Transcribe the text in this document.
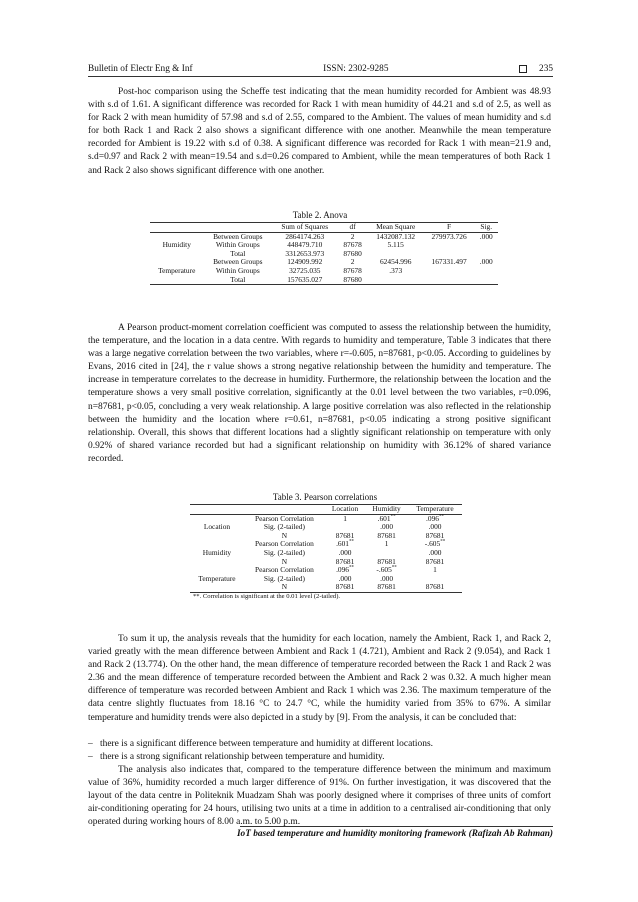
Bulletin of Electr Eng & Inf	ISSN: 2302-9285	235

Post-hoc comparison using the Scheffe test indicating that the mean humidity recorded for Ambient was 48.93 with s.d of 1.61. A significant difference was recorded for Rack 1 with mean humidity of 44.21 and s.d of 2.5, as well as for Rack 2 with mean humidity of 57.98 and s.d of 2.55, compared to the Ambient. The values of mean humidity and s.d for both Rack 1 and Rack 2 also shows a significant difference with one another. Meanwhile the mean temperature recorded for Ambient is 19.22 with s.d of 0.38. A significant difference was recorded for Rack 1 with mean=21.9 and, s.d=0.97 and Rack 2 with mean=19.54 and s.d=0.26 compared to Ambient, while the mean temperatures of both Rack 1 and Rack 2 also shows significant difference with one another.

Table 2. Anova
		Sum of Squares	df	Mean Square	F	Sig.
	Between Groups	2864174.263	2	1432087.132	279973.726	.000
Humidity	Within Groups	448479.710	87678	5.115		
	Total	3312653.973	87680			
	Between Groups	124909.992	2	62454.996	167331.497	.000
Temperature	Within Groups	32725.035	87678	.373		
	Total	157635.027	87680			

A Pearson product-moment correlation coefficient was computed to assess the relationship between the humidity, the temperature, and the location in a data centre. With regards to humidity and temperature, Table 3 indicates that there was a large negative correlation between the two variables, where r=-0.605, n=87681, p<0.05. According to guidelines by Evans, 2016 cited in [24], the r value shows a strong negative relationship between the humidity and temperature. The increase in temperature correlates to the decrease in humidity. Furthermore, the relationship between the location and the temperature shows a very small positive correlation, significantly at the 0.01 level between the two variables, r=0.096, n=87681, p<0.05, concluding a very weak relationship. A large positive correlation was also reflected in the relationship between the humidity and the location where r=0.61, n=87681, p<0.05 indicating a strong positive significant relationship. Overall, this shows that different locations had a slightly significant relationship on temperature with only 0.92% of shared variance recorded but had a significant relationship on humidity with 36.12% of shared variance recorded.

Table 3. Pearson correlations
		Location	Humidity	Temperature
	Pearson Correlation	1	.601**	.096**
Location	Sig. (2-tailed)		.000	.000
	N	87681	87681	87681
	Pearson Correlation	.601**	1	-.605**
Humidity	Sig. (2-tailed)	.000		.000
	N	87681	87681	87681
	Pearson Correlation	.096**	-.605**	1
Temperature	Sig. (2-tailed)	.000	.000	
	N	87681	87681	87681
**. Correlation is significant at the 0.01 level (2-tailed).				

To sum it up, the analysis reveals that the humidity for each location, namely the Ambient, Rack 1, and Rack 2, varied greatly with the mean difference between Ambient and Rack 1 (4.721), Ambient and Rack 2 (9.054), and Rack 1 and Rack 2 (13.774). On the other hand, the mean difference of temperature recorded between the Rack 1 and Rack 2 was 2.36 and the mean difference of temperature recorded between the Ambient and Rack 2 was 0.32. A much higher mean difference of temperature was recorded between Ambient and Rack 1 which was 2.36. The maximum temperature of the data centre slightly fluctuates from 18.16 °C to 24.7 °C, while the humidity varied from 35% to 67%. A similar temperature and humidity trends were also depicted in a study by [9]. From the analysis, it can be concluded that:

– there is a significant difference between temperature and humidity at different locations.
– there is a strong significant relationship between temperature and humidity.

The analysis also indicates that, compared to the temperature difference between the minimum and maximum value of 36%, humidity recorded a much larger difference of 91%. On further investigation, it was discovered that the layout of the data centre in Politeknik Muadzam Shah was poorly designed where it comprises of three units of comfort air-conditioning operating for 24 hours, utilising two units at a time in addition to a centralised air-conditioning that only operated during working hours of 8.00 a.m. to 5.00 p.m.

IoT based temperature and humidity monitoring framework (Rafizah Ab Rahman)
